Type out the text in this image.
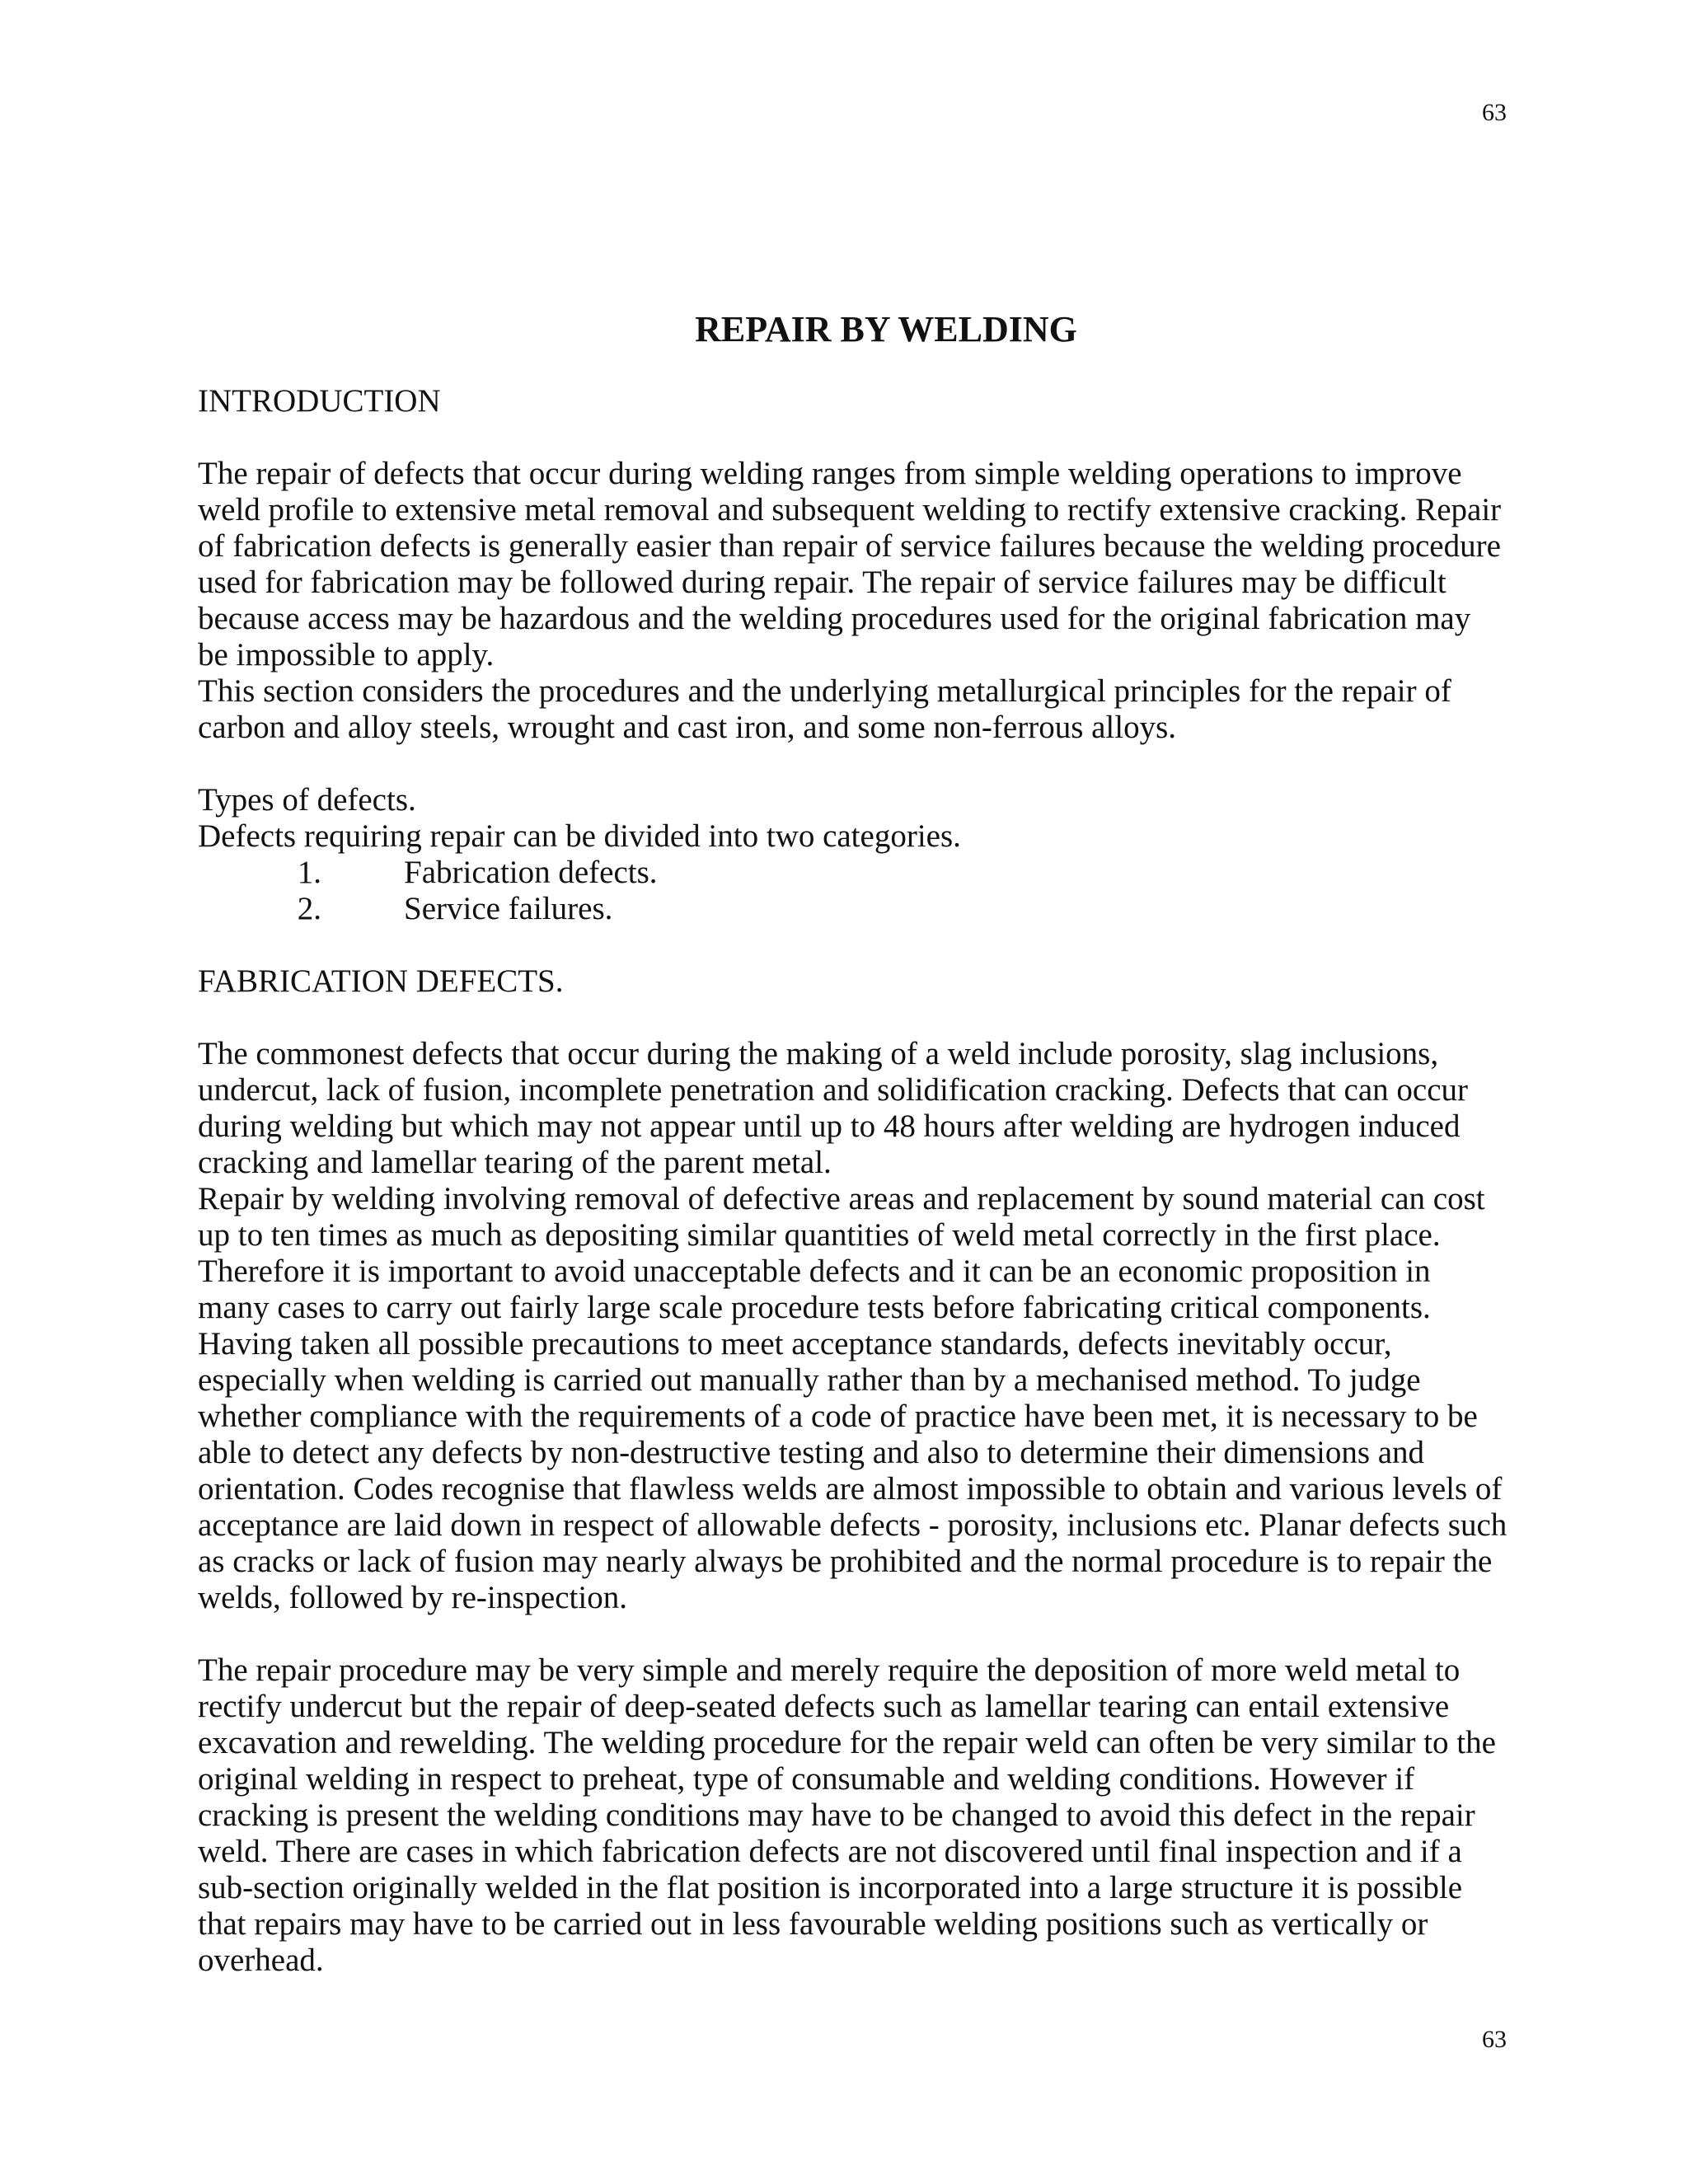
63
REPAIR BY WELDING
INTRODUCTION

The repair of defects that occur during welding ranges from simple welding operations to improve weld profile to extensive metal removal and subsequent welding to rectify extensive cracking. Repair of fabrication defects is generally easier than repair of service failures because the welding procedure used for fabrication may be followed during repair. The repair of service failures may be difficult because access may be hazardous and the welding procedures used for the original fabrication may be impossible to apply.

This section considers the procedures and the underlying metallurgical principles for the repair of carbon and alloy steels, wrought and cast iron, and some non-ferrous alloys.

Types of defects.

Defects requiring repair can be divided into two categories.

1.	Fabrication defects.
2.	Service failures.
FABRICATION DEFECTS.

The commonest defects that occur during the making of a weld include porosity, slag inclusions, undercut, lack of fusion, incomplete penetration and solidification cracking. Defects that can occur during welding but which may not appear until up to 48 hours after welding are hydrogen induced cracking and lamellar tearing of the parent metal.

Repair by welding involving removal of defective areas and replacement by sound material can cost up to ten times as much as depositing similar quantities of weld metal correctly in the first place. Therefore it is important to avoid unacceptable defects and it can be an economic proposition in many cases to carry out fairly large scale procedure tests before fabricating critical components. Having taken all possible precautions to meet acceptance standards, defects inevitably occur, especially when welding is carried out manually rather than by a mechanised method. To judge whether compliance with the requirements of a code of practice have been met, it is necessary to be able to detect any defects by non-destructive testing and also to determine their dimensions and orientation. Codes recognise that flawless welds are almost impossible to obtain and various levels of acceptance are laid down in respect of allowable defects - porosity, inclusions etc. Planar defects such as cracks or lack of fusion may nearly always be prohibited and the normal procedure is to repair the welds, followed by re-inspection.

The repair procedure may be very simple and merely require the deposition of more weld metal to rectify undercut but the repair of deep-seated defects such as lamellar tearing can entail extensive excavation and rewelding. The welding procedure for the repair weld can often be very similar to the original welding in respect to preheat, type of consumable and welding conditions. However if cracking is present the welding conditions may have to be changed to avoid this defect in the repair weld. There are cases in which fabrication defects are not discovered until final inspection and if a sub-section originally welded in the flat position is incorporated into a large structure it is possible that repairs may have to be carried out in less favourable welding positions such as vertically or overhead.

63
